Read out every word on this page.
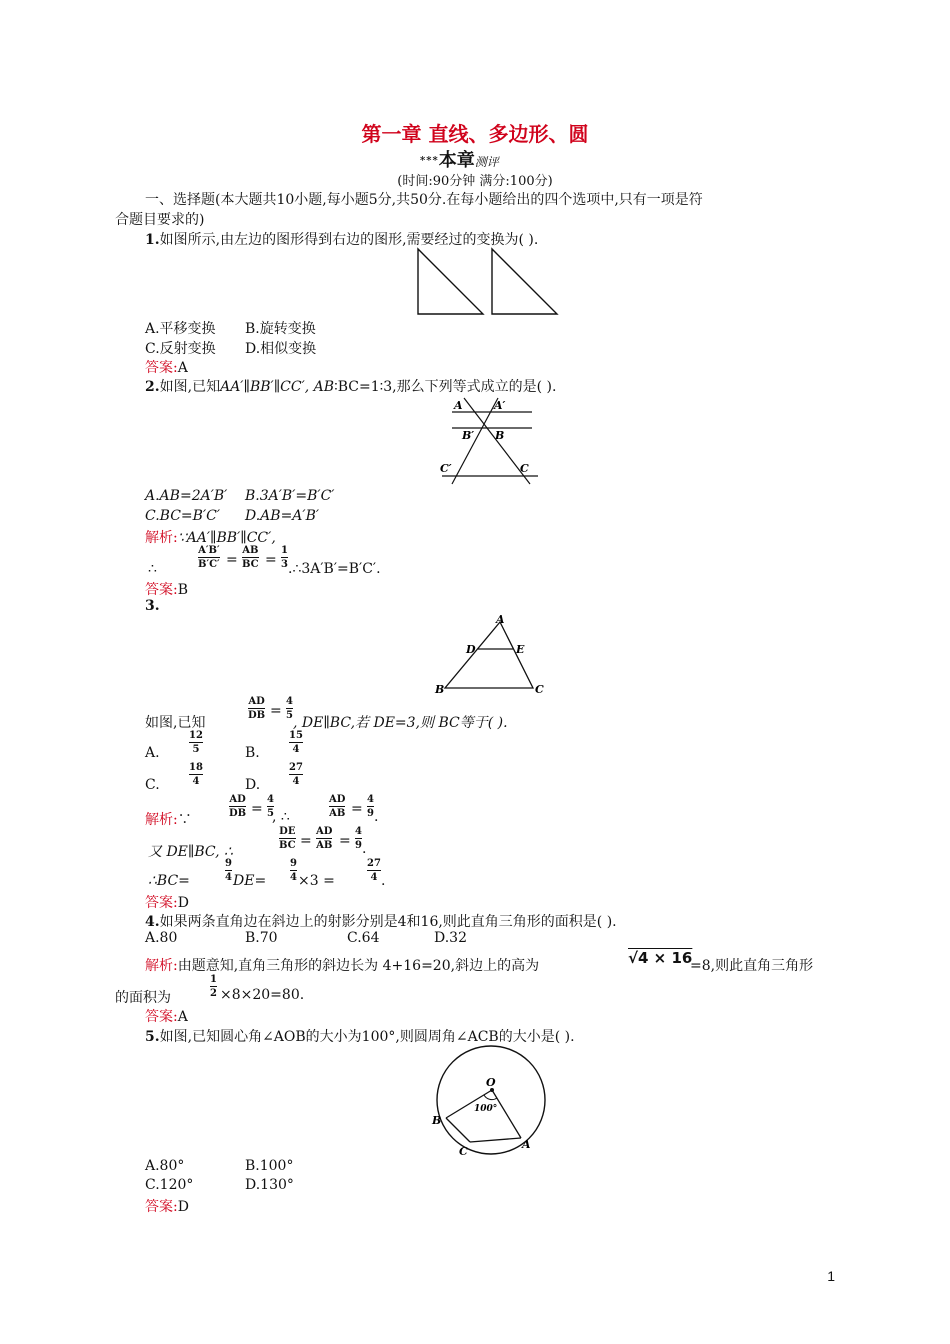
第一章 直线、多边形、圆
***本章测评
(时间:90分钟 满分:100分)
一、选择题(本大题共10小题,每小题5分,共50分.在每小题给出的四个选项中,只有一项是符
合题目要求的)
1.如图所示,由左边的图形得到右边的图形,需要经过的变换为( ).
A.平移变换 B.旋转变换
C.反射变换 D.相似变换
答案:A
2.如图,已知AA′∥BB′∥CC′, AB∶BC=1∶3,那么下列等式成立的是( ).
A	A′
B′ B
C′	C
A.AB=2A′B′ B.3A′B′=B′C′
C.BC=B′C′ D.AB=A′B′
解析:∵AA′∥BB′∥CC′,
∴
A′B′
B′C′ =
AB
BC =
1
3 .∴3A′B′=B′C′.
答案:B
3.
A
D	E
B	C
如图,已知
AD
DB =
4
5 , DE∥BC,若 DE=3,则 BC等于( ).
A.
12
5	B.
15
4
C.
18
4	D.
27
4
解析:∵
AD
DB =
4
5
, ∴
AD
AB =
4
9 .
又 DE∥BC, ∴
DE
BC =
AD
AB =
4
9 .
∴BC=
9
4 DE=
9
4 ×3 =
27
4 .
答案:D
4.如果两条直角边在斜边上的射影分别是4和16,则此直角三角形的面积是( ).
A.80	B.70	C.64	D.32
解析:由题意知,直角三角形的斜边长为 4+16=20,斜边上的高为	√4 × 16
=8,则此直角三角形
的面积为
1
2 ×8×20=80.
答案:A
5.如图,已知圆心角∠AOB的大小为100°,则圆周角∠ACB的大小是( ).
O
100°
B
C
A
A.80°	B.100°
C.120°	D.130°
答案:D
1
